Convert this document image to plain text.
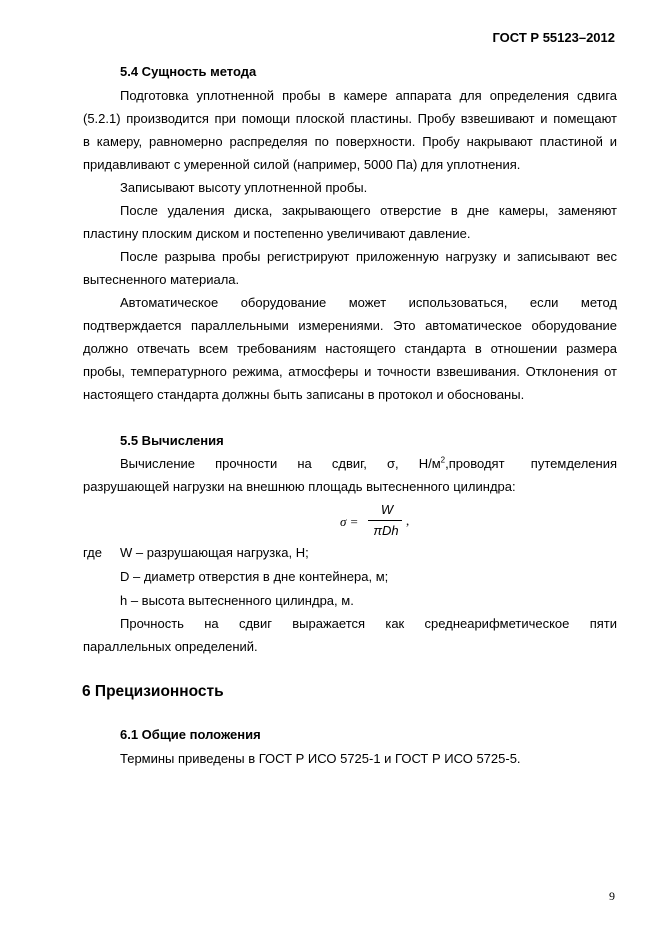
ГОСТ Р 55123–2012
5.4 Сущность метода
Подготовка уплотненной пробы в камере аппарата для определения сдвига
(5.2.1) производится при помощи плоской пластины. Пробу взвешивают и помещают
в камеру, равномерно распределяя по поверхности. Пробу накрывают пластиной и
придавливают с умеренной силой (например, 5000 Па) для уплотнения.
Записывают высоту уплотненной пробы.
После удаления диска, закрывающего отверстие в дне камеры, заменяют
пластину плоским диском и постепенно увеличивают давление.
После разрыва пробы регистрируют приложенную нагрузку и записывают вес
вытесненного материала.
Автоматическое оборудование может использоваться, если метод
подтверждается параллельными измерениями. Это автоматическое оборудование
должно отвечать всем требованиям настоящего стандарта в отношении размера
пробы, температурного режима, атмосферы и точности взвешивания. Отклонения от
настоящего стандарта должны быть записаны в протокол и обоснованы.
5.5 Вычисления
Вычисление прочности на сдвиг, σ, $Н/м^2$, проводят путем деления
разрушающей нагрузки на внешнюю площадь вытесненного цилиндра:
σ =
W
πDh
,
где W – разрушающая нагрузка, Н;
D – диаметр отверстия в дне контейнера, м;
h – высота вытесненного цилиндра, м.
Прочность на сдвиг выражается как среднеарифметическое пяти
параллельных определений.
6 Прецизионность
6.1 Общие положения
Термины приведены в ГОСТ Р ИСО 5725-1 и ГОСТ Р ИСО 5725-5.
9
